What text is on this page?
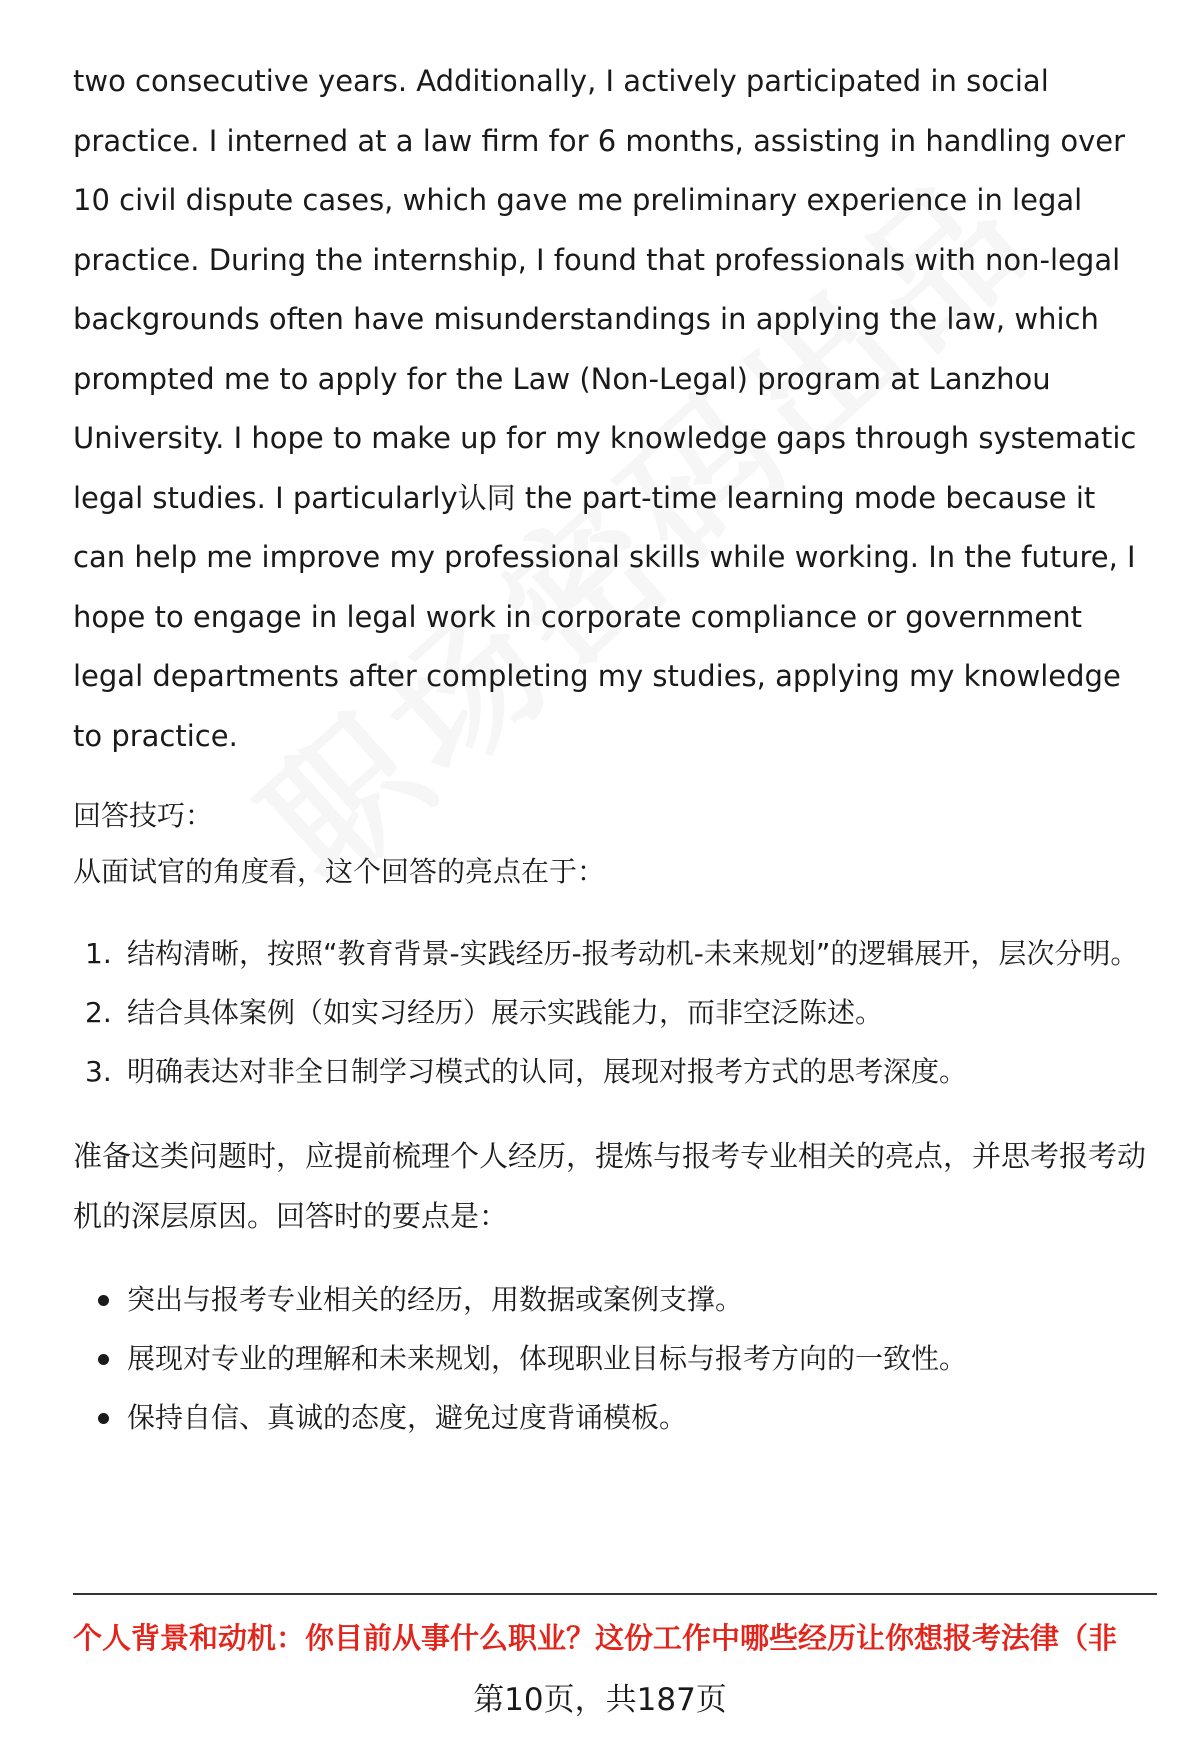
two consecutive years. Additionally, I actively participated in social practice. I interned at a law firm for 6 months, assisting in handling over 10 civil dispute cases, which gave me preliminary experience in legal practice. During the internship, I found that professionals with non-legal backgrounds often have misunderstandings in applying the law, which prompted me to apply for the Law (Non-Legal) program at Lanzhou University. I hope to make up for my knowledge gaps through systematic legal studies. I particularly认同 the part-time learning mode because it can help me improve my professional skills while working. In the future, I hope to engage in legal work in corporate compliance or government legal departments after completing my studies, applying my knowledge to practice.

回答技巧：

从面试官的角度看，这个回答的亮点在于：

1. 结构清晰，按照“教育背景-实践经历-报考动机-未来规划”的逻辑展开，层次分明。
2. 结合具体案例（如实习经历）展示实践能力，而非空泛陈述。
3. 明确表达对非全日制学习模式的认同，展现对报考方式的思考深度。

准备这类问题时，应提前梳理个人经历，提炼与报考专业相关的亮点，并思考报考动机的深层原因。回答时的要点是：

突出与报考专业相关的经历，用数据或案例支撑。
展现对专业的理解和未来规划，体现职业目标与报考方向的一致性。
保持自信、真诚的态度，避免过度背诵模板。
个人背景和动机：你目前从事什么职业？这份工作中哪些经历让你想报考法律（非
第10页，共187页
